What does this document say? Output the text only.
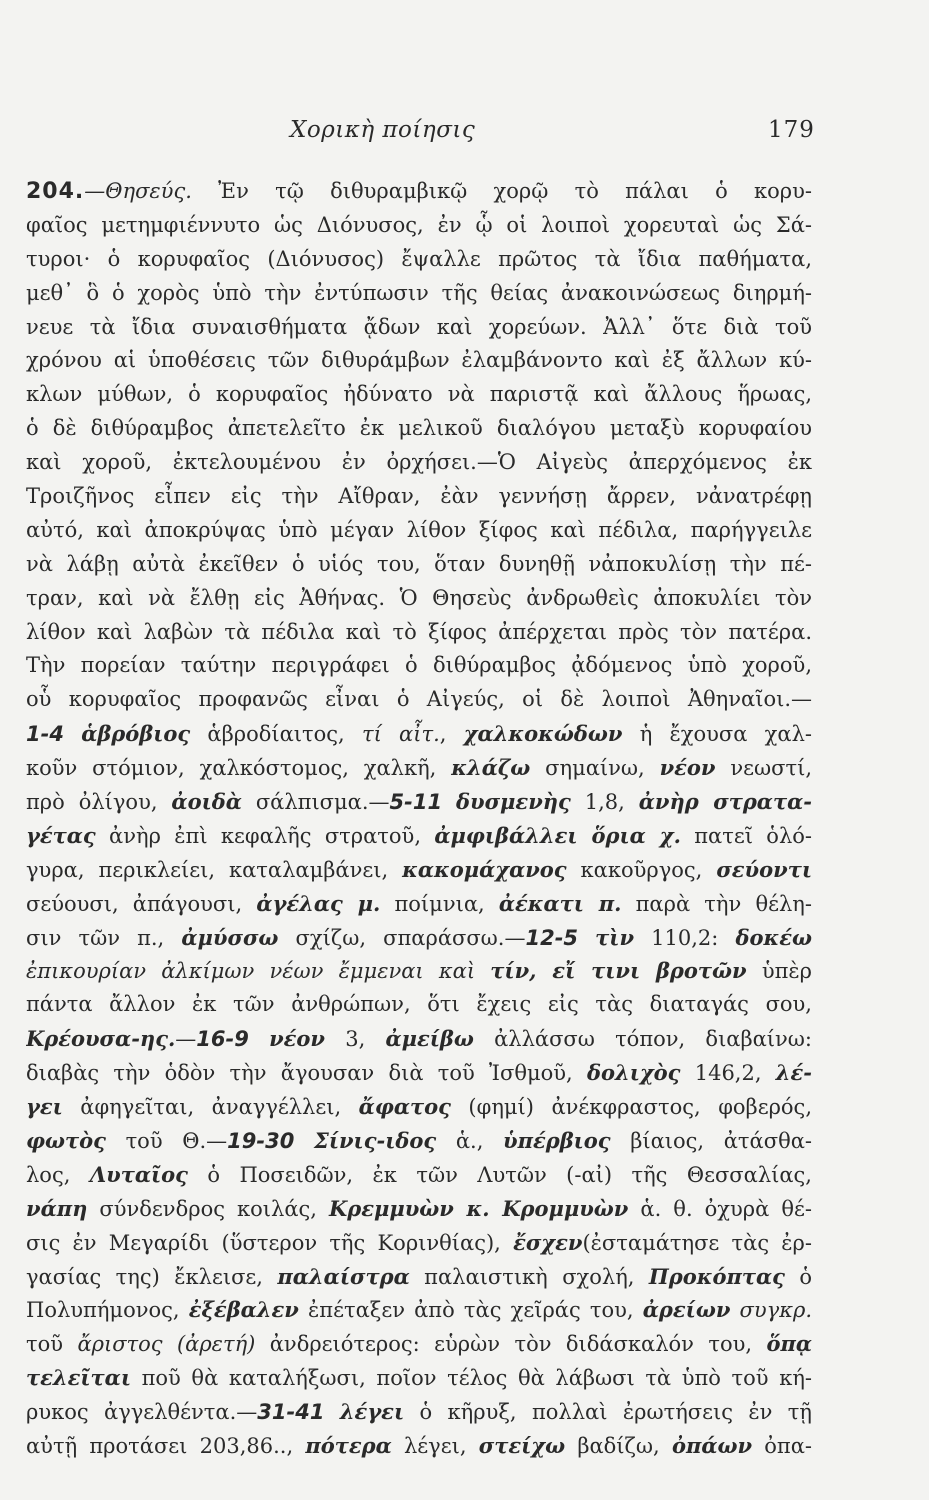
Χορικὴ ποίησις	179
204.—Θησεύς. Ἐν τῷ διθυραμβικῷ χορῷ τὸ πάλαι ὁ κορυ-
φαῖος μετημφιέννυτο ὡς Διόνυσος, ἐν ᾧ οἱ λοιποὶ χορευταὶ ὡς Σά-
τυροι· ὁ κορυφαῖος (Διόνυσος) ἔψαλλε πρῶτος τὰ ἴδια παθήματα,
μεθ᾽ ὃ ὁ χορὸς ὑπὸ τὴν ἐντύπωσιν τῆς θείας ἀνακοινώσεως διηρμή-
νευε τὰ ἴδια συναισθήματα ᾄδων καὶ χορεύων. Ἀλλ᾽ ὅτε διὰ τοῦ
χρόνου αἱ ὑποθέσεις τῶν διθυράμβων ἐλαμβάνοντο καὶ ἐξ ἄλλων κύ-
κλων μύθων, ὁ κορυφαῖος ἠδύνατο νὰ παριστᾷ καὶ ἄλλους ἥρωας,
ὁ δὲ διθύραμβος ἀπετελεῖτο ἐκ μελικοῦ διαλόγου μεταξὺ κορυφαίου
καὶ χοροῦ, ἐκτελουμένου ἐν ὀρχήσει.—Ὁ Αἰγεὺς ἀπερχόμενος ἐκ
Τροιζῆνος εἶπεν εἰς τὴν Αἴθραν, ἐὰν γεννήσῃ ἄρρεν, νἀνατρέφῃ
αὐτό, καὶ ἀποκρύψας ὑπὸ μέγαν λίθον ξίφος καὶ πέδιλα, παρήγγειλε
νὰ λάβῃ αὐτὰ ἐκεῖθεν ὁ υἱός του, ὅταν δυνηθῇ νἀποκυλίσῃ τὴν πέ-
τραν, καὶ νὰ ἔλθῃ εἰς Ἀθήνας. Ὁ Θησεὺς ἀνδρωθεὶς ἀποκυλίει τὸν
λίθον καὶ λαβὼν τὰ πέδιλα καὶ τὸ ξίφος ἀπέρχεται πρὸς τὸν πατέρα.
Τὴν πορείαν ταύτην περιγράφει ὁ διθύραμβος ᾀδόμενος ὑπὸ χοροῦ,
οὗ κορυφαῖος προφανῶς εἶναι ὁ Αἰγεύς, οἱ δὲ λοιποὶ Ἀθηναῖοι.—
1-4 ἁβρόβιος ἁβροδίαιτος, τί αἶτ., χαλκοκώδων ἡ ἔχουσα χαλ-
κοῦν στόμιον, χαλκόστομος, χαλκῆ, κλάζω σημαίνω, νέον νεωστί,
πρὸ ὀλίγου, ἀοιδὰ σάλπισμα.—5-11 δυσμενὴς 1,8, ἀνὴρ στρατα-
γέτας ἀνὴρ ἐπὶ κεφαλῆς στρατοῦ, ἀμφιβάλλει ὅρια χ. πατεῖ ὁλό-
γυρα, περικλείει, καταλαμβάνει, κακομάχανος κακοῦργος, σεύοντι
σεύουσι, ἀπάγουσι, ἀγέλας μ. ποίμνια, ἀέκατι π. παρὰ τὴν θέλη-
σιν τῶν π., ἀμύσσω σχίζω, σπαράσσω.—12-5 τὶν 110,2: δοκέω
ἐπικουρίαν ἀλκίμων νέων ἔμμεναι καὶ τίν, εἴ τινι βροτῶν ὑπὲρ
πάντα ἄλλον ἐκ τῶν ἀνθρώπων, ὅτι ἔχεις εἰς τὰς διαταγάς σου,
Κρέουσα-ης.—16-9 νέον 3, ἀμείβω ἀλλάσσω τόπον, διαβαίνω:
διαβὰς τὴν ὁδὸν τὴν ἄγουσαν διὰ τοῦ Ἰσθμοῦ, δολιχὸς 146,2, λέ-
γει ἀφηγεῖται, ἀναγγέλλει, ἄφατος (φημί) ἀνέκφραστος, φοβερός,
φωτὸς τοῦ Θ.—19-30 Σίνις-ιδος ἁ., ὑπέρβιος βίαιος, ἀτάσθα-
λος, Λυταῖος ὁ Ποσειδῶν, ἐκ τῶν Λυτῶν (-αἰ) τῆς Θεσσαλίας,
νάπη σύνδενδρος κοιλάς, Κρεμμυὼν κ. Κρομμυὼν ἁ. θ. ὀχυρὰ θέ-
σις ἐν Μεγαρίδι (ὕστερον τῆς Κορινθίας), ἔσχεν(ἐσταμάτησε τὰς ἐρ-
γασίας της) ἔκλεισε, παλαίστρα παλαιστικὴ σχολή, Προκόπτας ὁ
Πολυπήμονος, ἐξέβαλεν ἐπέταξεν ἀπὸ τὰς χεῖράς του, ἀρείων συγκρ.
τοῦ ἄριστος (ἀρετή) ἀνδρειότερος: εὑρὼν τὸν διδάσκαλόν του, ὅπᾳ
τελεῖται ποῦ θὰ καταλήξωσι, ποῖον τέλος θὰ λάβωσι τὰ ὑπὸ τοῦ κή-
ρυκος ἀγγελθέντα.—31-41 λέγει ὁ κῆρυξ, πολλαὶ ἐρωτήσεις ἐν τῇ
αὐτῇ προτάσει 203,86.., πότερα λέγει, στείχω βαδίζω, ὀπάων ὀπα-
